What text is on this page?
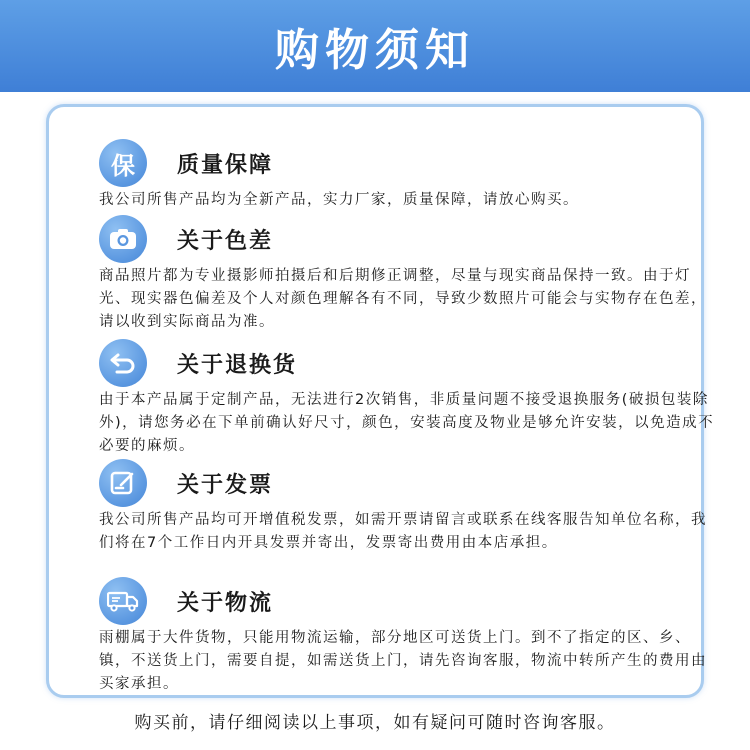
购物须知
保 质量保障
我公司所售产品均为全新产品，实力厂家，质量保障，请放心购买。
关于色差
商品照片都为专业摄影师拍摄后和后期修正调整，尽量与现实商品保持一致。由于灯光、现实器色偏差及个人对颜色理解各有不同，导致少数照片可能会与实物存在色差，请以收到实际商品为准。
关于退换货
由于本产品属于定制产品，无法进行2次销售，非质量问题不接受退换服务(破损包装除外)，请您务必在下单前确认好尺寸，颜色，安装高度及物业是够允许安装，以免造成不必要的麻烦。
关于发票
我公司所售产品均可开增值税发票，如需开票请留言或联系在线客服告知单位名称，我们将在7个工作日内开具发票并寄出，发票寄出费用由本店承担。
关于物流
雨棚属于大件货物，只能用物流运输，部分地区可送货上门。到不了指定的区、乡、镇，不送货上门，需要自提，如需送货上门，请先咨询客服，物流中转所产生的费用由买家承担。
购买前，请仔细阅读以上事项，如有疑问可随时咨询客服。
